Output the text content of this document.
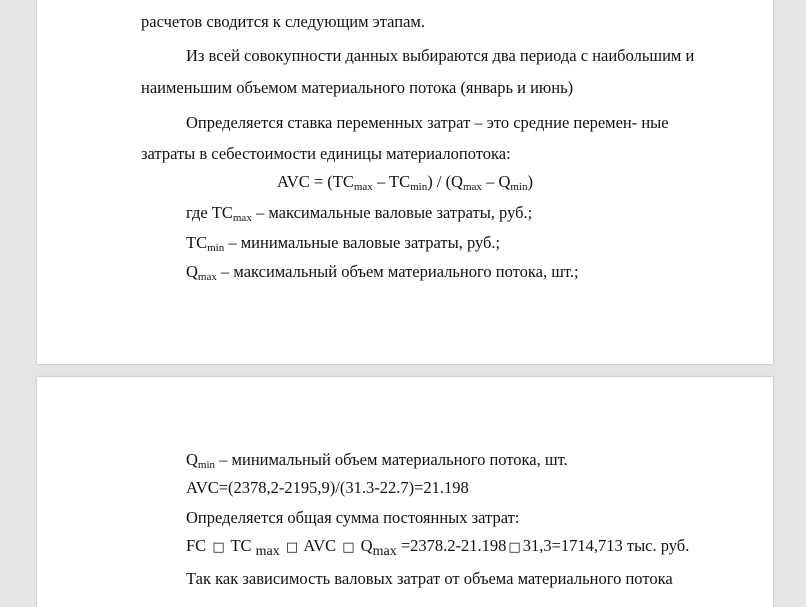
расчетов сводится к следующим этапам.

Из всей совокупности данных выбираются два периода с наибольшим и

наименьшим объемом материального потока (январь и июнь)

Определяется ставка переменных затрат – это средние перемен- ные

затраты в себестоимости единицы материалопотока:

AVC = $(TC_{max} - TC_{min}) / (Q_{max} - Q_{min})$

где $TC_{max}$ – максимальные валовые затраты, руб.;

$TC_{min}$ – минимальные валовые затраты, руб.;

$Q_{max}$ – максимальный объем материального потока, шт.;

$Q_{min}$ – минимальный объем материального потока, шт.

AVC=(2378,2-2195,9)/(31.3-22.7)=21.198

Определяется общая сумма постоянных затрат:

FC □ TC $_{max}$ □ AVC □ $Q_{max} =2378.2-21.198$ □ 31,3=1714,713 тыс. руб.

Так как зависимость валовых затрат от объема материального потока
